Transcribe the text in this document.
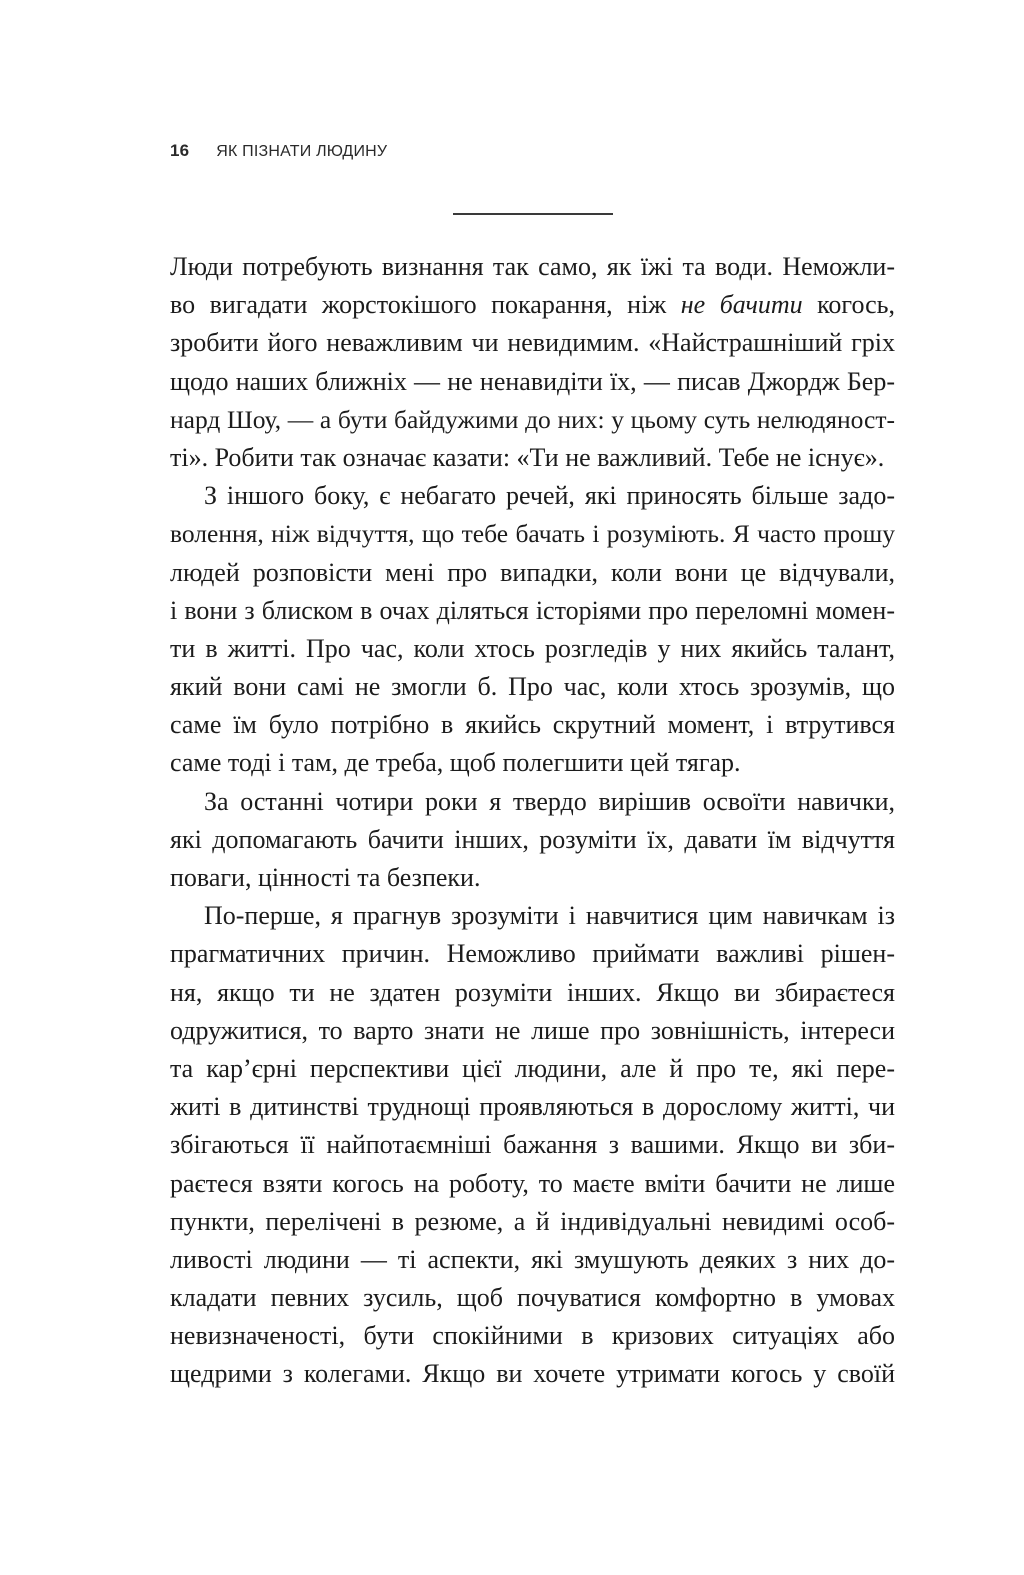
16 ЯК ПІЗНАТИ ЛЮДИНУ

Люди потребують визнання так само, як їжі та води. Неможли-
во вигадати жорстокішого покарання, ніж не бачити когось,
зробити його неважливим чи невидимим. «Найстрашніший гріх
щодо наших ближніх — не ненавидіти їх, — писав Джордж Бер-
нард Шоу, — а бути байдужими до них: у цьому суть нелюдяност-
ті». Робити так означає казати: «Ти не важливий. Тебе не існує».

З іншого боку, є небагато речей, які приносять більше задо-
волення, ніж відчуття, що тебе бачать і розуміють. Я часто прошу
людей розповісти мені про випадки, коли вони це відчували,
і вони з блиском в очах діляться історіями про переломні момен-
ти в житті. Про час, коли хтось розгледів у них якийсь талант,
який вони самі не змогли б. Про час, коли хтось зрозумів, що
саме їм було потрібно в якийсь скрутний момент, і втрутився
саме тоді і там, де треба, щоб полегшити цей тягар.

За останні чотири роки я твердо вирішив освоїти навички,
які допомагають бачити інших, розуміти їх, давати їм відчуття
поваги, цінності та безпеки.

По-перше, я прагнув зрозуміти і навчитися цим навичкам із
прагматичних причин. Неможливо приймати важливі рішен-
ня, якщо ти не здатен розуміти інших. Якщо ви збираєтеся
одружитися, то варто знати не лише про зовнішність, інтереси
та кар’єрні перспективи цієї людини, але й про те, які пере-
житі в дитинстві труднощі проявляються в дорослому житті, чи
збігаються її найпотаємніші бажання з вашими. Якщо ви зби-
раєтеся взяти когось на роботу, то маєте вміти бачити не лише
пункти, перелічені в резюме, а й індивідуальні невидимі особ-
ливості людини — ті аспекти, які змушують деяких з них до-
кладати певних зусиль, щоб почуватися комфортно в умовах
невизначеності, бути спокійними в кризових ситуаціях або
щедрими з колегами. Якщо ви хочете утримати когось у своїй
